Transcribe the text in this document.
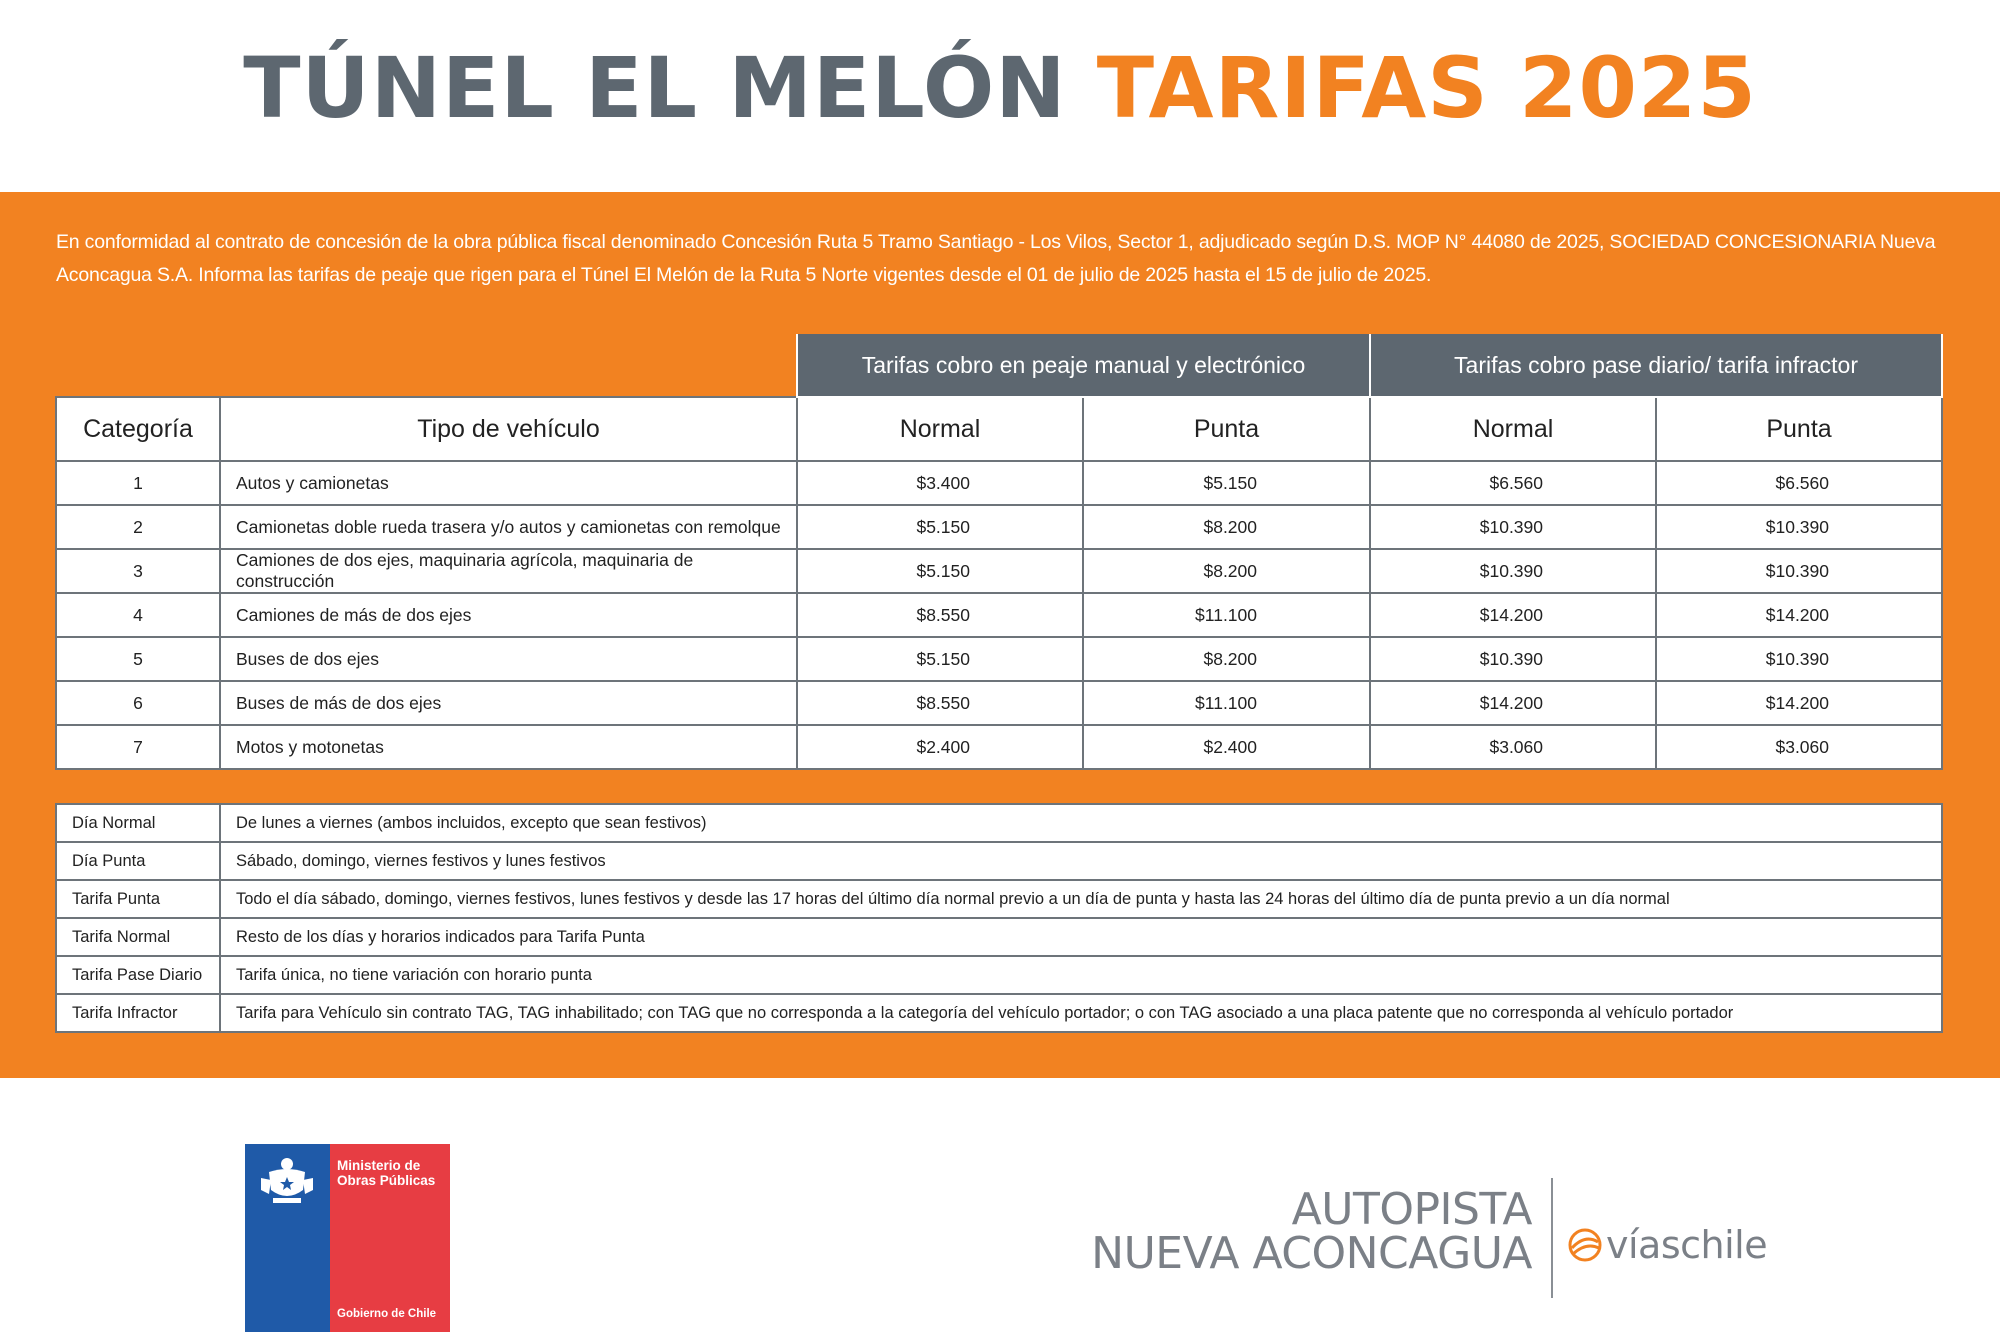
TÚNEL EL MELÓN TARIFAS 2025
En conformidad al contrato de concesión de la obra pública fiscal denominado Concesión Ruta 5 Tramo Santiago - Los Vilos, Sector 1, adjudicado según D.S. MOP N° 44080 de 2025, SOCIEDAD CONCESIONARIA Nueva Aconcagua S.A. Informa las tarifas de peaje que rigen para el Túnel El Melón de la Ruta 5 Norte vigentes desde el 01 de julio de 2025 hasta el 15 de julio de 2025.
		Tarifas cobro en peaje manual y electrónico		Tarifas cobro pase diario/ tarifa infractor	
Categoría	Tipo de vehículo	Normal	Punta	Normal	Punta
1	Autos y camionetas	$3.400	$5.150	$6.560	$6.560
2	Camionetas doble rueda trasera y/o autos y camionetas con remolque	$5.150	$8.200	$10.390	$10.390
3	Camiones de dos ejes, maquinaria agrícola, maquinaria de construcción	$5.150	$8.200	$10.390	$10.390
4	Camiones de más de dos ejes	$8.550	$11.100	$14.200	$14.200
5	Buses de dos ejes	$5.150	$8.200	$10.390	$10.390
6	Buses de más de dos ejes	$8.550	$11.100	$14.200	$14.200
7	Motos y motonetas	$2.400	$2.400	$3.060	$3.060
Día Normal	De lunes a viernes (ambos incluidos, excepto que sean festivos)
Día Punta	Sábado, domingo, viernes festivos y lunes festivos
Tarifa Punta	Todo el día sábado, domingo, viernes festivos, lunes festivos y desde las 17 horas del último día normal previo a un día de punta y hasta las 24 horas del último día de punta previo a un día normal
Tarifa Normal	Resto de los días y horarios indicados para Tarifa Punta
Tarifa Pase Diario	Tarifa única, no tiene variación con horario punta
Tarifa Infractor	Tarifa para Vehículo sin contrato TAG, TAG inhabilitado; con TAG que no corresponda a la categoría del vehículo portador; o con TAG asociado a una placa patente que no corresponda al vehículo portador
Ministerio de Obras Públicas
Gobierno de Chile
AUTOPISTA
NUEVA ACONCAGUA víaschile
